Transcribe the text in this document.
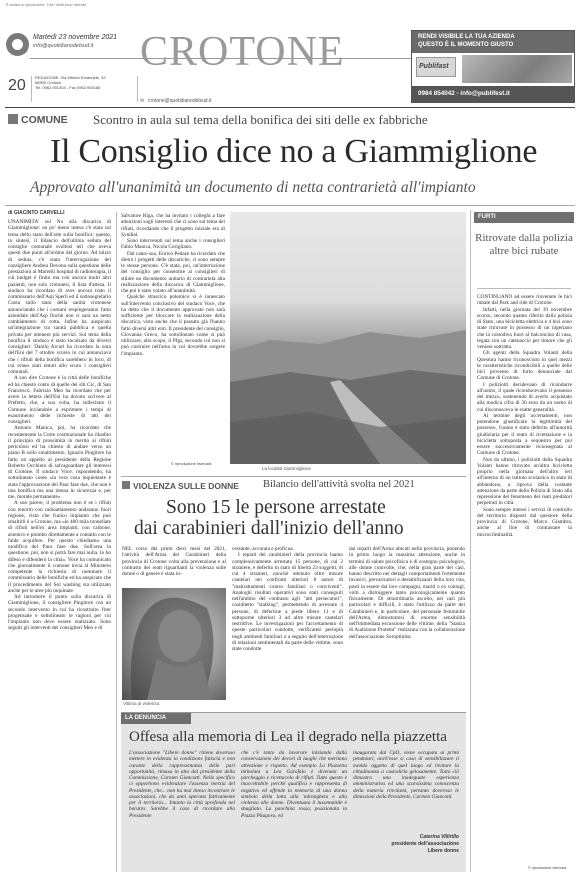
È vietata la riproduzione. Tutti i diritti sono riservati
Martedì 23 novembre 2021
info@quotidianodelsud.it
20 REDAZIONE: Via Vittorio Emanuele, 32
88900 Crotone
Tel. 0962.901304 - Fax 0962.905185
✉ crotone@quotidianodelsud.it
CROTONE	RENDI VISIBILE LA TUA AZIENDA
QUESTO È IL MOMENTO GIUSTO
Publifast
0984 854042 - info@publifest.it
COMUNE Scontro in aula sul tema della bonifica dei siti delle ex fabbriche
Il Consiglio dice no a Giammiglione
Approvato all'unanimità un documento di netta contrarietà all'impianto
di GIACINTO CARVELLI

UNANIMITA' sul No alla discarica di Giammiglione: un po' meno intesa c'è stata sul tema dello stato dell'arte sulla bonifica: questo, in sintesi, il bilancio dell'ultima seduta del consiglio comunale svoltosi ieri che aveva questi due punti all'ordine del giorno. Ad inizio di seduta, c'è stata l'interrogazione del consigliere Andrea Devona sulla questione delle prestazioni al Marrelli hospital di radioterapia, il cui budget è finito ma con ancora molti altri pazienti, non solo crotonesi, il lista d'attesa. Il sindaco ha ricordato di aver ancora trato il commissario dell'Asp Sperli ed il sottosegretario Costa sullo stato della sanità crotonese annunciando che i comuni respingeranno l'atto aziendale dell'Asp finchè non ci sarà un netto cambiamento di rotta. Infine ha auspicato un'integrazione tra sanità pubblica e quella privata per ottenere più servizi. Sul tema della bonifica il sindaco è stato incalzato da diversi consiglieri: Danilo Arcuri ha ricordato la nota dell'Eni del 7 ottobre scorso in cui annunciava che i rifiuti della bonifica sarebbero in loco, di cui erano stati tenuti allo scuro i consiglieri comunali.

A suo dire Crotone è la città delle bonifiche ed ha chiesto conto di quelle dei siti Cic, di San Francesco. Fabrizio Meo ha ricordato che per avere la lettera dell'Eni ha dovuto scrivere al Prefetto, che, a sua volta, ha sollecitato il Comune inviandole a esprimere i tempi di esaurimento delle richieste di atti dei consiglieri.

Antonio Manica, poi, ha ricordato che recentemente la Corte costituzionale ha ribadito il principio di prossimità in merito ai rifiuti pericolosi ed ha chiesto di andare verso un piano B sullo smaltimento. Ignazio Pingitore ha fatto un appello al presidente della Regione Roberto Occhiuto di salvaguardare gli interessi di Crotone. Il sindaco Voce, rispondendo, ha sottolineato come «la vera cosa inquietante è stata l'approvazione del Paur fase due, che non è una bonifica ma una messa in sicurezza e, per me, morale permanente».

A suo parere, il problema non è se i rifiuti con tenorm con radioattamento andranno fuori regione, visto che l'unico impianto che può smaltirli è a Crotone, ma «le 400 mila tonnellate di rifiuti nell'ex area impianti, con carbone, arsenico e piombo direttamente a contatto con le falde acquifere. Per questo chiediamo una modifica del Paur fase due. Sull'area in questione, poi, non si potrà fare mai nulla. Io ho difeso e difenderò la città». Voce ha comunicato che giornalmente il comune invia al Ministero competente la richiesta di nominare il commissario delle bonifiche ed ha auspicato che il procedimento del Sol washing sia utilizzato anche per le aree più inquinate.

Ad introdurre il punto sulla discarica di Giammiglione, il consigliere Pingitore con un secondo intervento in cui ha ricostruito l'iter progettuale e sottolineato le ragioni per cui l'impianto non deve essere realizzato. Sono seguiti gli interventi dei consiglieri Meo e di

Salvatore Riga, che ha invitato i colleghi a fare attenzioni sugli interessi che ci sono sul tema dei rifiuti, ricordando che il progetto iniziale era di Syndial.

Sono intervenuti sul tema anche i consiglieri Fabio Manica, Nicola Corigliano.

Dal canto suo, Enrico Pedace ha ricordato che dietro i progetti delle discariche, ci sono sempre le stesse persone. C'è stata, poi, un'interruzione del consiglio per consentire ai consiglieri di stilare un documento unitario di contrarietà alla realizzazione della discarica di Giammiglione, che poi è stato votato all'unanimità.

Qualche strascico polemico si è innescato sull'intervento conclusivo del sindaco Voce, che ha detto che il documento approvato non sarà sufficiente per bloccare la realizzazione della discarica, visto anche che il passato già l'hanno fatto diversi altri enti. Il presidente del consiglio, Giovanna Greco, ha sottolineato come si può utilizzare, allo scopo, il Pfgs, secondo cui non si può costruire nell'area in cui dovrebbe sorgere l'impianto.

© riproduzione riservata
La località Giammiglione
FURTI
Ritrovate dalla polizia altre bici rubate

CONTINUANO ad essere rinvenute le bici rubate dal Park and ride di Crotone.

Infatti, nella giornata del 19 novembre scorso, secondo quanto riferito dalla polizia di Stato, una bicicletta elettrica e 4 bici sono state ritrovate in possesso di un nigeriano che la custodiva fuori al balconcino di casa, legata con un catenaccio per timore che gli venisse sottratta.

Gli agenti della Squadra Volanti della Questura hanno riconosciuto in quei mezzi le caratteristiche ricondicibili a quelle delle bici provento di furto denunciate dal Comune di Crotone.

I poliziotti decidevano di ricondurre all'uomo, il quale riconducevano il possesso del mezzo, sostenendo di averlo acquistato alla modica cifra di 30 euro da un uomo di cui disconosceva le esatte generalità.

Al termine degli accertamenti, non potendone giustificare la legittimità del possesso, l'uomo è stato deferito all'autorità giudiziaria per il reato di ricettazione e la bicicletta sottoposta a sequestro per poi essere successivamente riconsegnata al Comune di Crotone.

Non da ultimo, i poliziotti della Squadra Volanti hanno ritrovato un'altra bicicletta proprio nella giornata dell'altro ieri all'interno di un istituto scolastico in stato di abbandono, a riprova della costante attenzione da parte della Polizia di Stato alla repressione del fenomeno dei reati predatori perpetrati in città.

Sono sempre intensi i servizi di controllo del territorio disposti dal questore della provincia di Crotone, Marco Giambra, anche al fine di contrastare la microcriminalità.

© riproduzione riservata
VIOLENZA SULLE DONNE Bilancio dell'attività svolta nel 2021
Sono 15 le persone arrestate
dai carabinieri dall'inizio dell'anno

NEL corso dei primi dieci mesi del 2021, l'attività dell'Arma dei Carabinieri della provincia di Crotone volta alla prevenzione e al contrasto dei reati riguardanti la violenza sulle donne o di genere è stata in-

Vittima di violenza

cessante, accurata e proficua.

I reparti dei carabinieri della provincia hanno complessivamente arrestato 15 persone, di cui 2 straniere, e deferito in stato di libertà 23 soggetti, di cui 4 stranieri, nonché ottenuto oltre misure cautelari nei confronti ulteriori 8 autori di "maltrattamenti contro familiari o conviventi". Analoghi risultati operativi sono stati conseguiti nell'ambito del contrasto agli "atti persecutori", cosiddetto "stalking", permettendo di arrestare 4 persone, di deferirne a piede libero 11 e di sottoporne ulteriori 3 ad altre misure cautelari restrittive. Le investigazioni per l'accertamento di queste particolari condotte, verificatesi perlopiù negli ambienti familiari o a seguito dell'interruzione di relazioni sentimentali da parte delle vittime, sono state condotte

dai reparti dell'Arma ubicati nella provincia, ponendo in primo luogo la massima attenzione, anche in termini di salute psicofisica e di sostegno psicologico, alle donne coinvolte, che, nella gran parte dei casi, hanno descritto nei dettagli comportamenti fortemente invasivi, prevaricatori e destabilizzanti della loro vita, posti in essere dai loro compagni, mariti o ex coniugi, volti a distruggere tanto psicologicamente quanto fisicamente. Di straordinaria ascolto, nei casi più particolari e difficili, è stato l'utilizzo da parte dei Carabinieri e, in particolare, del personale femminile dell'Arma, dimostratosi di enorme sensibilità nell'immediata escussione delle vittime, della "Stanza di Audizione Protetta" realizzata con la collaborazione dell'associazione Soroptimist.

LA DENUNCIA
Offesa alla memoria di Lea il degrado nella piazzetta
L'associazione "Libere donne" ritiene doveroso mettere in evidenza la condizione fatiscia e non curante della rappresentanza delle pari opportunità, rimasa in atto dal presidente della Commissione, Carmen Giancotti. Nello specifico ci opportiono evidenziare l'assenza inerzia del Presidente, che... non ha mai inteso incontrare le associazioni, che da anni operano fattivamente per il territorio... Intanto la città sprofonda nel baratro. Sarebbe il caso di ricordare alla Presidente
che c'è tanto da lavorare iniziando dalla conservazione dei decori di luoghi che meritano attenzione e rispetto. Ad esempio La Piazzetta intitolata a Lea Garofalo è divenuta un parcheggio e ricettacolo di rifiuti. Tutto questo è inaccettabile perché qualifica e rappresenta di negativo ed offende la memoria di una donna simbolo della lotta alla 'ndrangheta e alla violenza alle donne. Diventuota il lussemattile è sbagliato. La panchina rossa, posizionata in Piazza Pitagora, ed
inaugurata dal CpO, viene occupata ai primi pendolari, anch'esse si caso di sensibilizzare il mondo oggetto di quel luogo ed invitare la cittadinanza a custodirla gelosamente. Tutto ciò dimostra una inadeguate esperienza amministrativa ed una scarsissima conoscenza della materia rinviiami, pertanto doveroso le dimissioni della Presidente, Carmen Giancotti.
Caterina Villirillo
presidente dell'associazione
Libere donne
